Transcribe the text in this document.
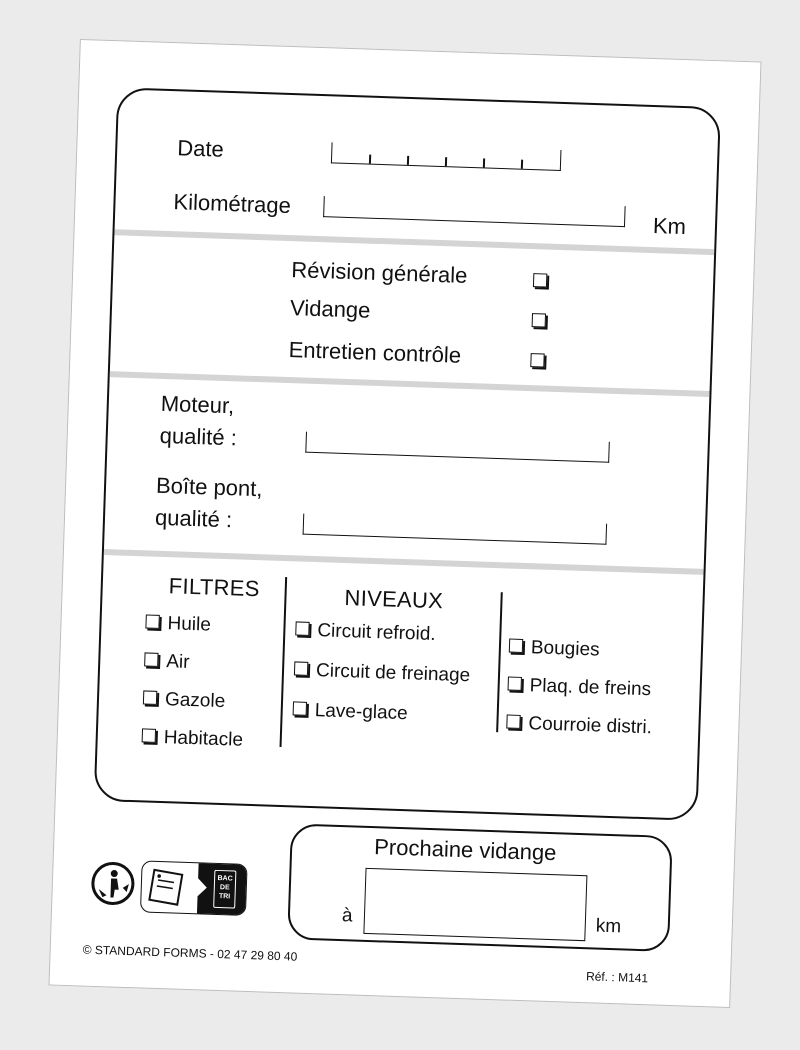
Date
Kilométrage
Km
Révision générale
Vidange
Entretien contrôle
Moteur,
qualité :
Boîte pont,
qualité :
FILTRES	NIVEAUX
Huile
Air
Gazole
Habitacle
Circuit refroid.
Circuit de freinage
Lave-glace
Bougies
Plaq. de freins
Courroie distri.
Prochaine vidange
à	km
BAC DE TRI
© STANDARD FORMS - 02 47 29 80 40
Réf. : M141
